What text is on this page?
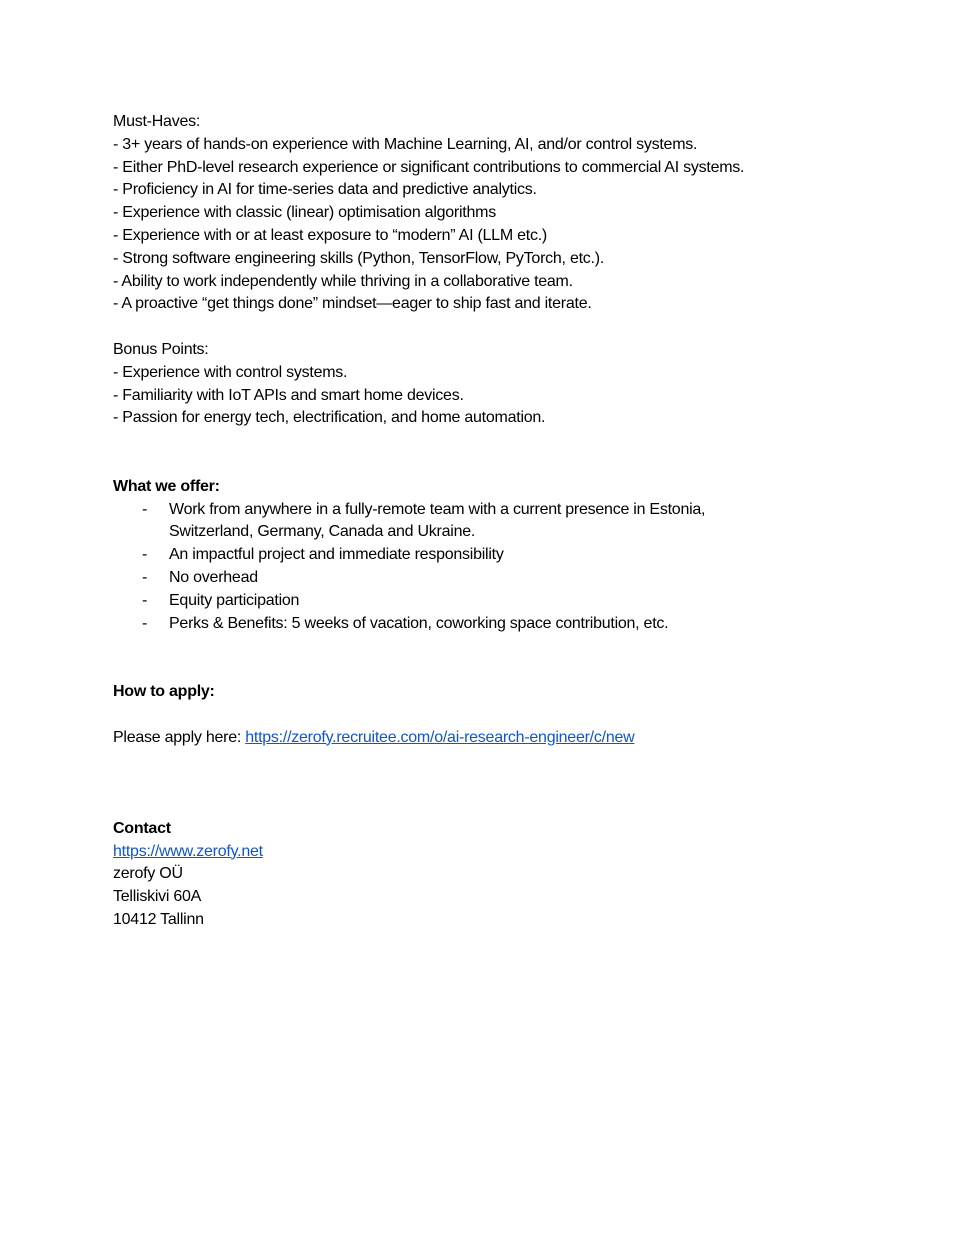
Must-Haves:
- 3+ years of hands-on experience with Machine Learning, AI, and/or control systems.
- Either PhD-level research experience or significant contributions to commercial AI systems.
- Proficiency in AI for time-series data and predictive analytics.
- Experience with classic (linear) optimisation algorithms
- Experience with or at least exposure to “modern” AI (LLM etc.)
- Strong software engineering skills (Python, TensorFlow, PyTorch, etc.).
- Ability to work independently while thriving in a collaborative team.
- A proactive “get things done” mindset—eager to ship fast and iterate.
Bonus Points:
- Experience with control systems.
- Familiarity with IoT APIs and smart home devices.
- Passion for energy tech, electrification, and home automation.
What we offer:
- Work from anywhere in a fully-remote team with a current presence in Estonia, Switzerland, Germany, Canada and Ukraine.
- An impactful project and immediate responsibility
- No overhead
- Equity participation
- Perks & Benefits: 5 weeks of vacation, coworking space contribution, etc.
How to apply:
Please apply here: https://zerofy.recruitee.com/o/ai-research-engineer/c/new
Contact
https://www.zerofy.net
zerofy OÜ
Telliskivi 60A
10412 Tallinn
